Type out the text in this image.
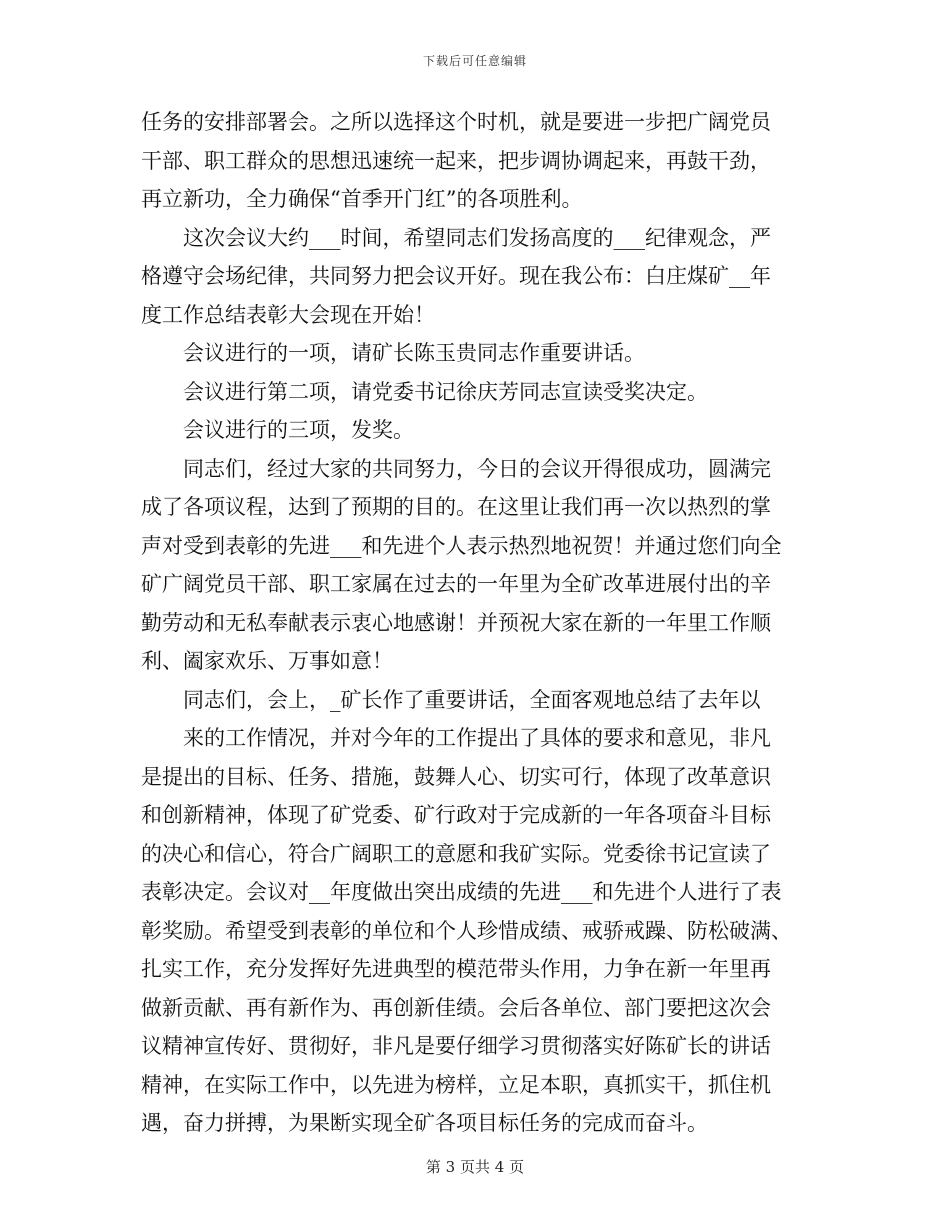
下载后可任意编辑

任务的安排部署会。之所以选择这个时机，就是要进一步把广阔党员
干部、职工群众的思想迅速统一起来，把步调协调起来，再鼓干劲，
再立新功，全力确保“首季开门红”的各项胜利。

这次会议大约___时间，希望同志们发扬高度的___纪律观念，严
格遵守会场纪律，共同努力把会议开好。现在我公布：白庄煤矿__年
度工作总结表彰大会现在开始！

会议进行的一项，请矿长陈玉贵同志作重要讲话。

会议进行第二项，请党委书记徐庆芳同志宣读受奖决定。

会议进行的三项，发奖。

同志们，经过大家的共同努力，今日的会议开得很成功，圆满完
成了各项议程，达到了预期的目的。在这里让我们再一次以热烈的掌
声对受到表彰的先进___和先进个人表示热烈地祝贺！并通过您们向全
矿广阔党员干部、职工家属在过去的一年里为全矿改革进展付出的辛
勤劳动和无私奉献表示衷心地感谢！并预祝大家在新的一年里工作顺
利、阖家欢乐、万事如意！

同志们，会上，_矿长作了重要讲话，全面客观地总结了去年以

来的工作情况，并对今年的工作提出了具体的要求和意见，非凡
是提出的目标、任务、措施，鼓舞人心、切实可行，体现了改革意识
和创新精神，体现了矿党委、矿行政对于完成新的一年各项奋斗目标
的决心和信心，符合广阔职工的意愿和我矿实际。党委徐书记宣读了
表彰决定。会议对__年度做出突出成绩的先进___和先进个人进行了表
彰奖励。希望受到表彰的单位和个人珍惜成绩、戒骄戒躁、防松破满、
扎实工作，充分发挥好先进典型的模范带头作用，力争在新一年里再
做新贡献、再有新作为、再创新佳绩。会后各单位、部门要把这次会
议精神宣传好、贯彻好，非凡是要仔细学习贯彻落实好陈矿长的讲话
精神，在实际工作中，以先进为榜样，立足本职，真抓实干，抓住机
遇，奋力拼搏，为果断实现全矿各项目标任务的完成而奋斗。

第 3 页共 4 页
